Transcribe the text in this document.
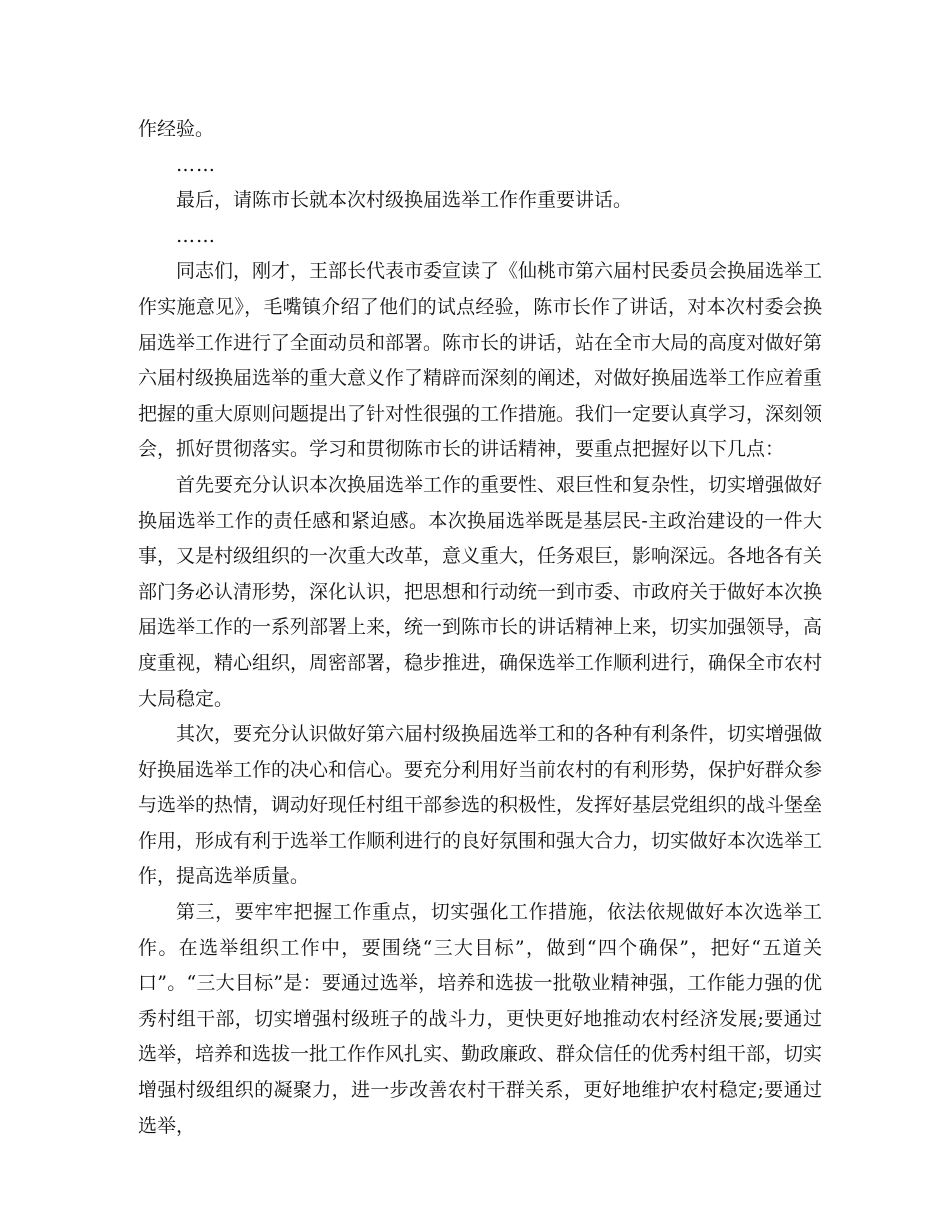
作经验。

……

最后，请陈市长就本次村级换届选举工作作重要讲话。

……

同志们，刚才，王部长代表市委宣读了《仙桃市第六届村民委员会换届选举工作实施意见》，毛嘴镇介绍了他们的试点经验，陈市长作了讲话，对本次村委会换届选举工作进行了全面动员和部署。陈市长的讲话，站在全市大局的高度对做好第六届村级换届选举的重大意义作了精辟而深刻的阐述，对做好换届选举工作应着重把握的重大原则问题提出了针对性很强的工作措施。我们一定要认真学习，深刻领会，抓好贯彻落实。学习和贯彻陈市长的讲话精神，要重点把握好以下几点：

首先要充分认识本次换届选举工作的重要性、艰巨性和复杂性，切实增强做好换届选举工作的责任感和紧迫感。本次换届选举既是基层民-主政治建设的一件大事，又是村级组织的一次重大改革，意义重大，任务艰巨，影响深远。各地各有关部门务必认清形势，深化认识，把思想和行动统一到市委、市政府关于做好本次换届选举工作的一系列部署上来，统一到陈市长的讲话精神上来，切实加强领导，高度重视，精心组织，周密部署，稳步推进，确保选举工作顺利进行，确保全市农村大局稳定。

其次，要充分认识做好第六届村级换届选举工和的各种有利条件，切实增强做好换届选举工作的决心和信心。要充分利用好当前农村的有利形势，保护好群众参与选举的热情，调动好现任村组干部参选的积极性，发挥好基层党组织的战斗堡垒作用，形成有利于选举工作顺利进行的良好氛围和强大合力，切实做好本次选举工作，提高选举质量。

第三，要牢牢把握工作重点，切实强化工作措施，依法依规做好本次选举工作。在选举组织工作中，要围绕“三大目标”，做到“四个确保”，把好“五道关口”。“三大目标”是：要通过选举，培养和选拔一批敬业精神强，工作能力强的优秀村组干部，切实增强村级班子的战斗力，更快更好地推动农村经济发展;要通过选举，培养和选拔一批工作作风扎实、勤政廉政、群众信任的优秀村组干部，切实增强村级组织的凝聚力，进一步改善农村干群关系，更好地维护农村稳定;要通过选举，
